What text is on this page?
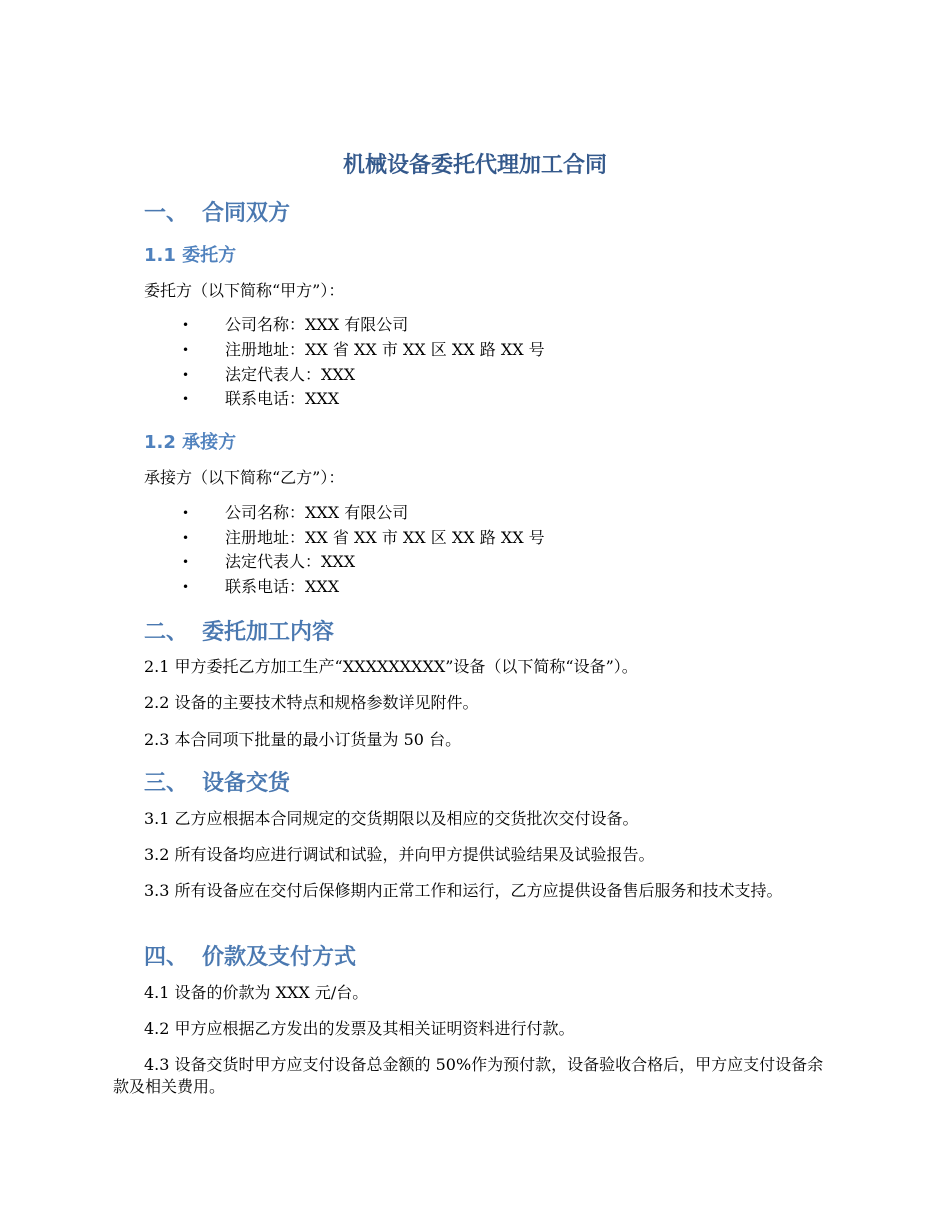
机械设备委托代理加工合同
一、 合同双方
1.1 委托方

委托方（以下简称“甲方”）：

• 公司名称：XXX 有限公司

• 注册地址：XX 省 XX 市 XX 区 XX 路 XX 号

• 法定代表人：XXX

• 联系电话：XXX

1.2 承接方

承接方（以下简称“乙方”）：

• 公司名称：XXX 有限公司

• 注册地址：XX 省 XX 市 XX 区 XX 路 XX 号

• 法定代表人：XXX

• 联系电话：XXX

二、 委托加工内容

2.1 甲方委托乙方加工生产“XXXXXXXXX”设备（以下简称“设备”）。

2.2 设备的主要技术特点和规格参数详见附件。

2.3 本合同项下批量的最小订货量为 50 台。

三、 设备交货

3.1 乙方应根据本合同规定的交货期限以及相应的交货批次交付设备。

3.2 所有设备均应进行调试和试验，并向甲方提供试验结果及试验报告。

3.3 所有设备应在交付后保修期内正常工作和运行，乙方应提供设备售后服务和技术支持。

四、 价款及支付方式

4.1 设备的价款为 XXX 元/台。

4.2 甲方应根据乙方发出的发票及其相关证明资料进行付款。

4.3 设备交货时甲方应支付设备总金额的 50%作为预付款，设备验收合格后，甲方应支付设备余款及相关费用。
